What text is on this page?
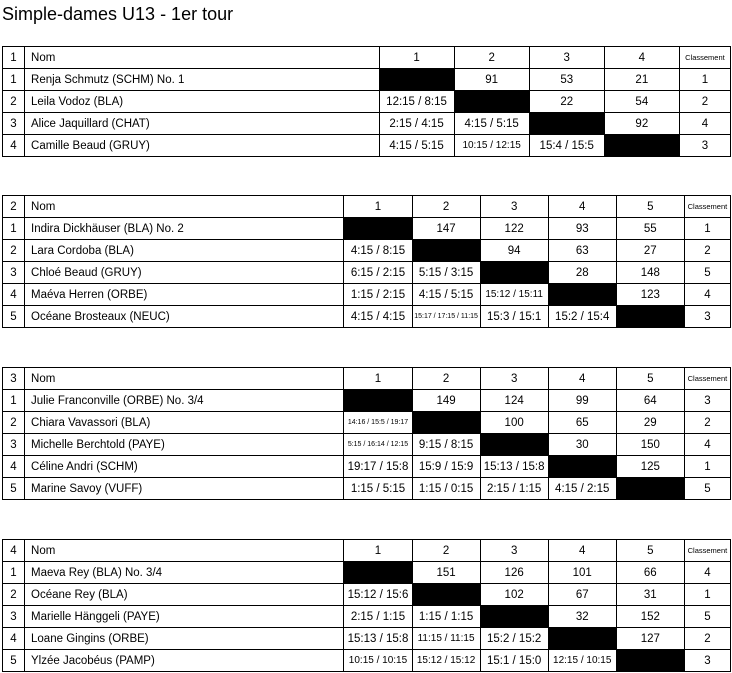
Simple-dames U13 - 1er tour
1	Nom	1	2	3	4	Classement
1	Renja Schmutz (SCHM) No. 1		91	53	21	1
2	Leila Vodoz (BLA)	12:15 / 8:15		22	54	2
3	Alice Jaquillard (CHAT)	2:15 / 4:15	4:15 / 5:15		92	4
4	Camille Beaud (GRUY)	4:15 / 5:15	10:15 / 12:15	15:4 / 15:5		3
2	Nom	1	2	3	4	5	Classement
1	Indira Dickhäuser (BLA) No. 2		147	122	93	55	1
2	Lara Cordoba (BLA)	4:15 / 8:15		94	63	27	2
3	Chloé Beaud (GRUY)	6:15 / 2:15	5:15 / 3:15		28	148	5
4	Maéva Herren (ORBE)	1:15 / 2:15	4:15 / 5:15	15:12 / 15:11		123	4
5	Océane Brosteaux (NEUC)	4:15 / 4:15	15:17 / 17:15 / 11:15	15:3 / 15:1	15:2 / 15:4		3
3	Nom	1	2	3	4	5	Classement
1	Julie Franconville (ORBE) No. 3/4		149	124	99	64	3
2	Chiara Vavassori (BLA)	14:16 / 15:5 / 19:17		100	65	29	2
3	Michelle Berchtold (PAYE)	5:15 / 16:14 / 12:15	9:15 / 8:15		30	150	4
4	Céline Andri (SCHM)	19:17 / 15:8	15:9 / 15:9	15:13 / 15:8		125	1
5	Marine Savoy (VUFF)	1:15 / 5:15	1:15 / 0:15	2:15 / 1:15	4:15 / 2:15		5
4	Nom	1	2	3	4	5	Classement
1	Maeva Rey (BLA) No. 3/4		151	126	101	66	4
2	Océane Rey (BLA)	15:12 / 15:6		102	67	31	1
3	Marielle Hänggeli (PAYE)	2:15 / 1:15	1:15 / 1:15		32	152	5
4	Loane Gingins (ORBE)	15:13 / 15:8	11:15 / 11:15	15:2 / 15:2		127	2
5	Ylzée Jacobéus (PAMP)	10:15 / 10:15	15:12 / 15:12	15:1 / 15:0	12:15 / 10:15		3
